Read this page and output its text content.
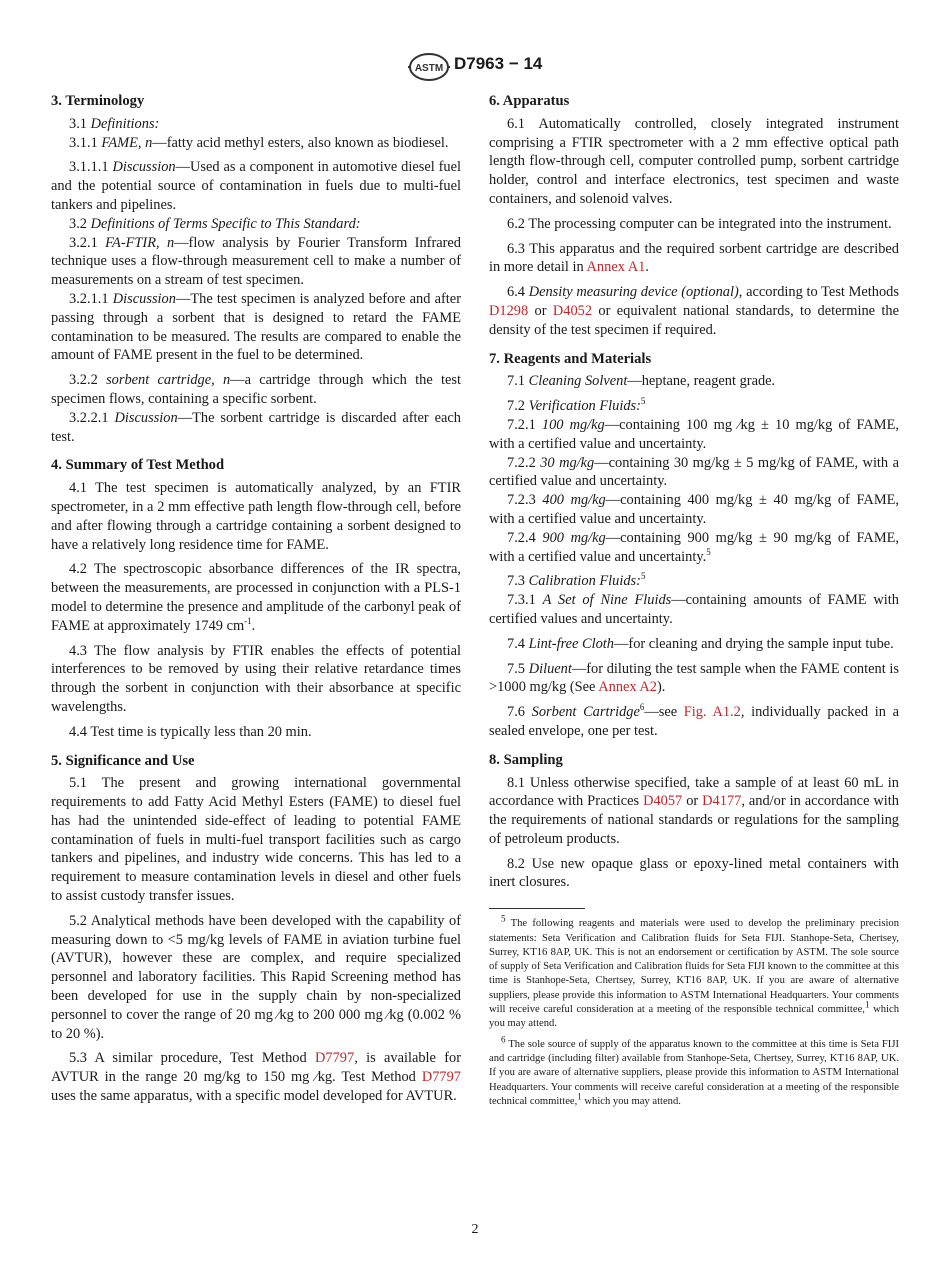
ASTM D7963 − 14
3. Terminology

3.1 Definitions:

3.1.1 FAME, n—fatty acid methyl esters, also known as biodiesel.

3.1.1.1 Discussion—Used as a component in automotive diesel fuel and the potential source of contamination in fuels due to multi-fuel tankers and pipelines.

3.2 Definitions of Terms Specific to This Standard:

3.2.1 FA-FTIR, n—flow analysis by Fourier Transform Infrared technique uses a flow-through measurement cell to make a number of measurements on a stream of test specimen.

3.2.1.1 Discussion—The test specimen is analyzed before and after passing through a sorbent that is designed to retard the FAME contamination to be measured. The results are compared to enable the amount of FAME present in the fuel to be determined.

3.2.2 sorbent cartridge, n—a cartridge through which the test specimen flows, containing a specific sorbent.

3.2.2.1 Discussion—The sorbent cartridge is discarded after each test.

4. Summary of Test Method

4.1 The test specimen is automatically analyzed, by an FTIR spectrometer, in a 2 mm effective path length flow-through cell, before and after flowing through a cartridge containing a sorbent designed to have a relatively long residence time for FAME.

4.2 The spectroscopic absorbance differences of the IR spectra, between the measurements, are processed in conjunction with a PLS-1 model to determine the presence and amplitude of the carbonyl peak of FAME at approximately 1749 $cm^{-1}$.

4.3 The flow analysis by FTIR enables the effects of potential interferences to be removed by using their relative retardance times through the sorbent in conjunction with their absorbance at specific wavelengths.

4.4 Test time is typically less than 20 min.

5. Significance and Use

5.1 The present and growing international governmental requirements to add Fatty Acid Methyl Esters (FAME) to diesel fuel has had the unintended side-effect of leading to potential FAME contamination of fuels in multi-fuel transport facilities such as cargo tankers and pipelines, and industry wide concerns. This has led to a requirement to measure contamination levels in diesel and other fuels to assist custody transfer issues.

5.2 Analytical methods have been developed with the capability of measuring down to <5 mg/kg levels of FAME in aviation turbine fuel (AVTUR), however these are complex, and require specialized personnel and laboratory facilities. This Rapid Screening method has been developed for use in the supply chain by non-specialized personnel to cover the range of 20 mg ⁄kg to 200 000 mg ⁄kg (0.002 % to 20 %).

5.3 A similar procedure, Test Method D7797, is available for AVTUR in the range 20 mg/kg to 150 mg ⁄kg. Test Method D7797 uses the same apparatus, with a specific model developed for AVTUR.

6. Apparatus

6.1 Automatically controlled, closely integrated instrument comprising a FTIR spectrometer with a 2 mm effective optical path length flow-through cell, computer controlled pump, sorbent cartridge holder, control and interface electronics, test specimen and waste containers, and solenoid valves.

6.2 The processing computer can be integrated into the instrument.

6.3 This apparatus and the required sorbent cartridge are described in more detail in Annex A1.

6.4 Density measuring device (optional), according to Test Methods D1298 or D4052 or equivalent national standards, to determine the density of the test specimen if required.

7. Reagents and Materials

7.1 Cleaning Solvent—heptane, reagent grade.

7.2 Verification Fluids:$^5$

7.2.1 100 mg/kg—containing 100 mg ⁄kg ± 10 mg/kg of FAME, with a certified value and uncertainty.

7.2.2 30 mg/kg—containing 30 mg/kg ± 5 mg/kg of FAME, with a certified value and uncertainty.

7.2.3 400 mg/kg—containing 400 mg/kg ± 40 mg/kg of FAME, with a certified value and uncertainty.

7.2.4 900 mg/kg—containing 900 mg/kg ± 90 mg/kg of FAME, with a certified value and uncertainty.$^5$

7.3 Calibration Fluids:$^5$

7.3.1 A Set of Nine Fluids—containing amounts of FAME with certified values and uncertainty.

7.4 Lint-free Cloth—for cleaning and drying the sample input tube.

7.5 Diluent—for diluting the test sample when the FAME content is >1000 mg/kg (See Annex A2).

7.6 Sorbent Cartridge$^6$—see Fig. A1.2, individually packed in a sealed envelope, one per test.

8. Sampling

8.1 Unless otherwise specified, take a sample of at least 60 mL in accordance with Practices D4057 or D4177, and/or in accordance with the requirements of national standards or regulations for the sampling of petroleum products.

8.2 Use new opaque glass or epoxy-lined metal containers with inert closures.

$^5$ The following reagents and materials were used to develop the preliminary precision statements: Seta Verification and Calibration fluids for Seta FIJI. Stanhope-Seta, Chertsey, Surrey, KT16 8AP, UK. This is not an endorsement or certification by ASTM. The sole source of supply of Seta Verification and Calibration fluids for Seta FIJI known to the committee at this time is Stanhope-Seta, Chertsey, Surrey, KT16 8AP, UK. If you are aware of alternative suppliers, please provide this information to ASTM International Headquarters. Your comments will receive careful consideration at a meeting of the responsible technical committee,$^1$ which you may attend.

$^6$ The sole source of supply of the apparatus known to the committee at this time is Seta FIJI and cartridge (including filter) available from Stanhope-Seta, Chertsey, Surrey, KT16 8AP, UK. If you are aware of alternative suppliers, please provide this information to ASTM International Headquarters. Your comments will receive careful consideration at a meeting of the responsible technical committee,$^1$ which you may attend.

2
